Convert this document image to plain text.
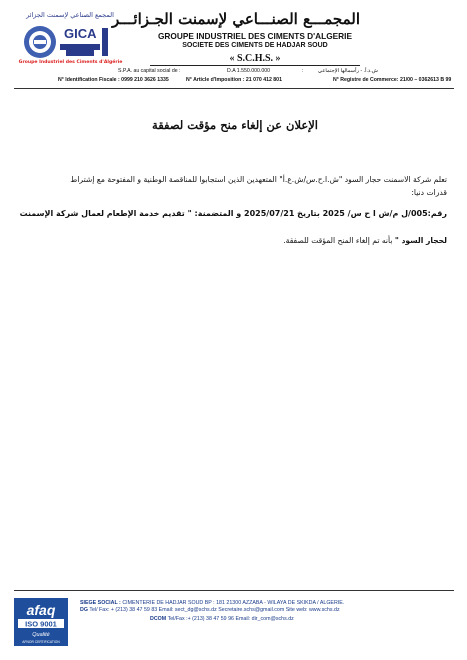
المجمع الصناعي لإسمنت الجزائر
GICA
Groupe Industriel des Ciments d'Algérie
المجمـــع الصنـــاعي لإسمنت الجـزائـــر
GROUPE INDUSTRIEL DES CIMENTS D'ALGERIE
SOCIETE DES CIMENTS DE HADJAR SOUD
« S.C.H.S. »
S.P.A. au capital social de :	D.A 1.550.000.000	:	ش.ذ.أ. - رأسمالها الإجتماعي
N° Identification Fiscale : 0999 210 3626 1335	N° Article d'Imposition : 21 070 412 801	N° Registre de Commerce: 21/00 – 0362613 B 99
الإعلان عن إلغاء منح مؤقت لصفقة
تعلم شركة الاسمنت حجار السود "ش.ا.ح.س/ش.ع.أ" المتعهدين الذين استجابوا للمناقصة الوطنية و المفتوحة مع إشتراط
قدرات دنيا:
رقم:005/ل م/ش ا ح س/ 2025 بتاريخ 2025/07/21 و المتضمنة: " تقديم خدمة الإطعام لعمال شركة الإسمنت
لحجار السود " بأنه تم إلغاء المنح المؤقت للصفقة.
afaq
ISO 9001
Qualité
AFNOR CERTIFICATION
SIEGE SOCIAL : CIMENTERIE DE HADJAR SOUD BP : 181 21300 AZZABA - WILAYA DE SKIKDA / ALGERIE.
DG Tel/ Fax: + (213) 38 47 59 83 Email: sect_dg@schs.dz Secretaire.schs@gmail.com Site web: www.schs.dz
DCOM Tel/Fax :+ (213) 38 47 59 96 Email: dir_com@schs.dz
